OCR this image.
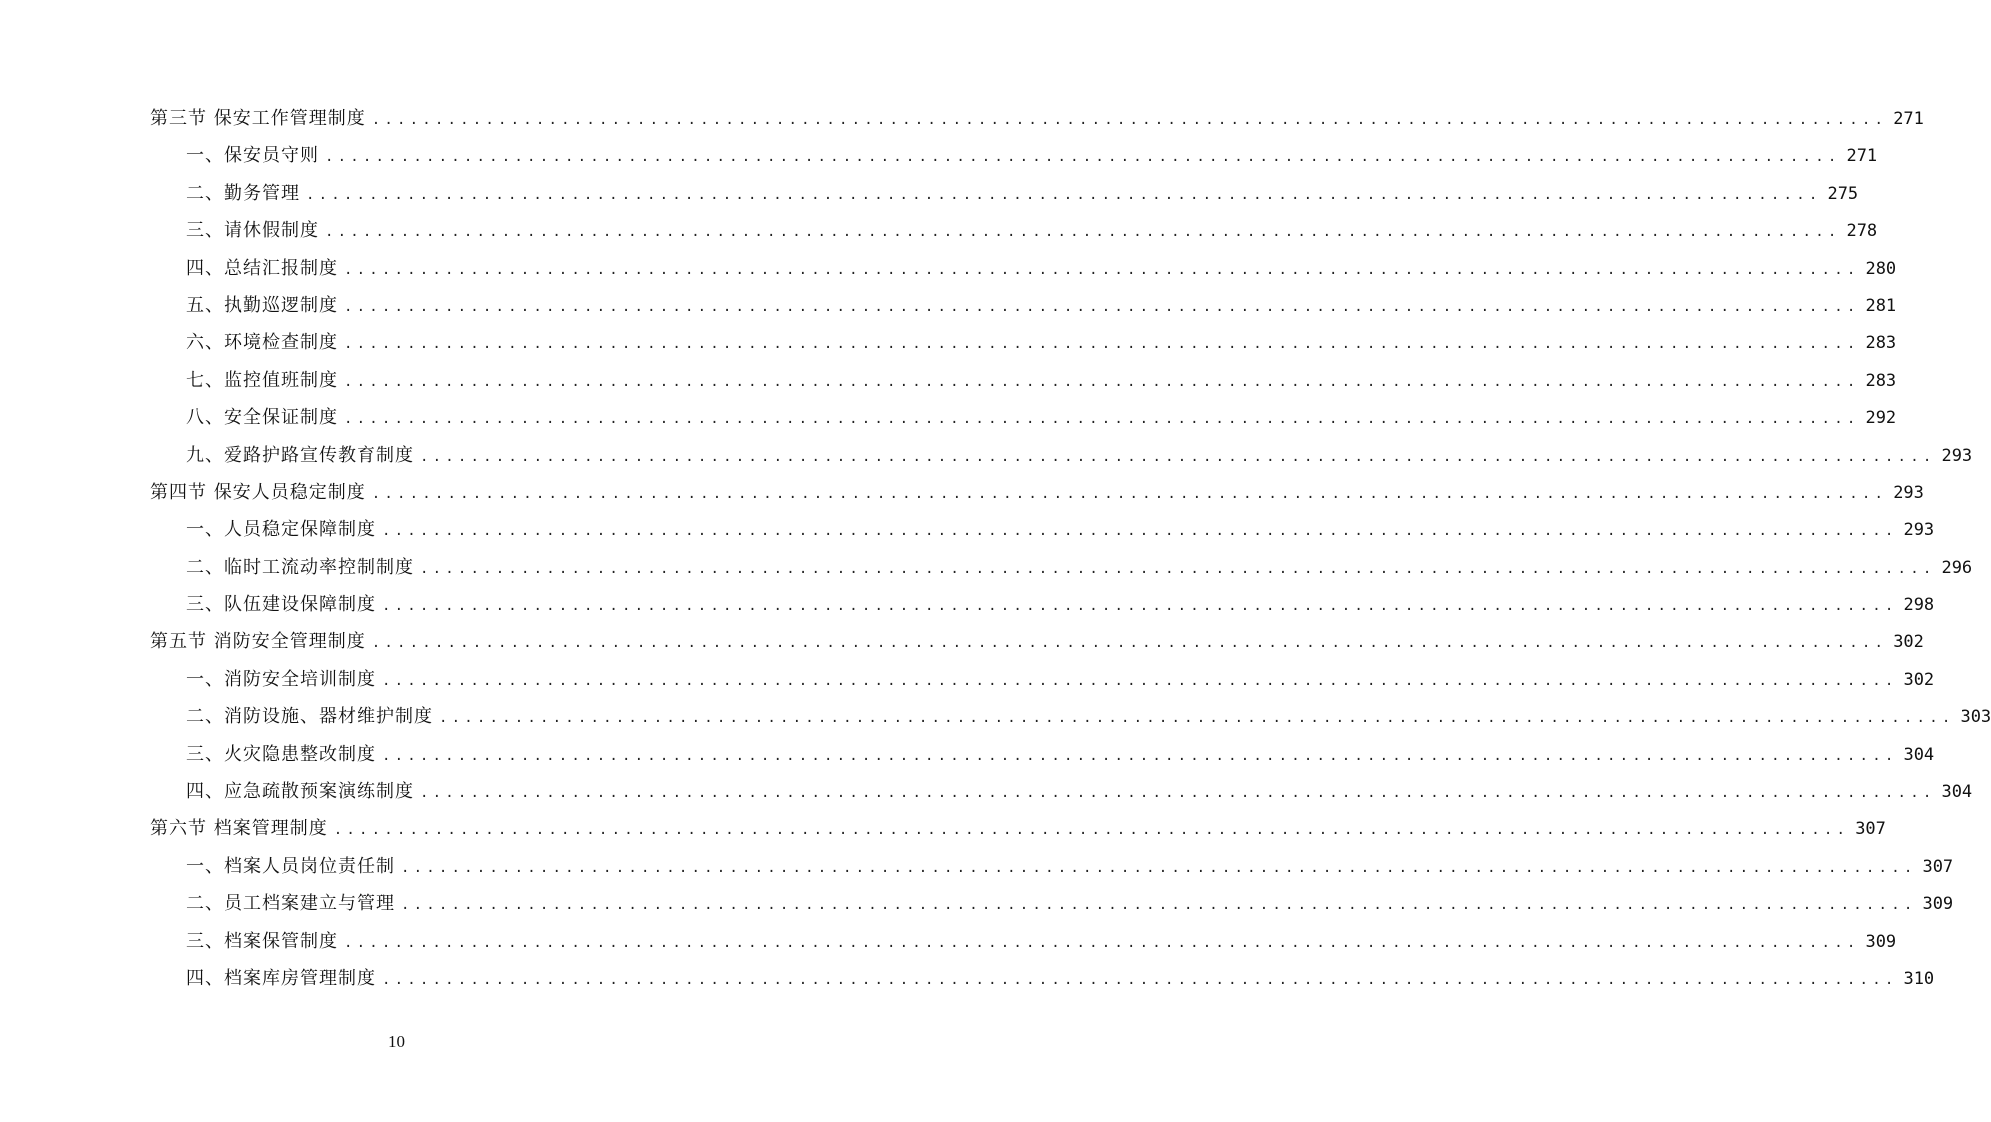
第三节 保安工作管理制度 ........................................................................................................................ 271
一、保安员守则 ........................................................................................................................ 271
二、勤务管理 ........................................................................................................................ 275
三、请休假制度 ........................................................................................................................ 278
四、总结汇报制度 ........................................................................................................................ 280
五、执勤巡逻制度 ........................................................................................................................ 281
六、环境检查制度 ........................................................................................................................ 283
七、监控值班制度 ........................................................................................................................ 283
八、安全保证制度 ........................................................................................................................ 292
九、爱路护路宣传教育制度 ........................................................................................................................ 293
第四节 保安人员稳定制度 ........................................................................................................................ 293
一、人员稳定保障制度 ........................................................................................................................ 293
二、临时工流动率控制制度 ........................................................................................................................ 296
三、队伍建设保障制度 ........................................................................................................................ 298
第五节 消防安全管理制度 ........................................................................................................................ 302
一、消防安全培训制度 ........................................................................................................................ 302
二、消防设施、器材维护制度 ........................................................................................................................ 303
三、火灾隐患整改制度 ........................................................................................................................ 304
四、应急疏散预案演练制度 ........................................................................................................................ 304
第六节 档案管理制度 ........................................................................................................................ 307
一、档案人员岗位责任制 ........................................................................................................................ 307
二、员工档案建立与管理 ........................................................................................................................ 309
三、档案保管制度 ........................................................................................................................ 309
四、档案库房管理制度 ........................................................................................................................ 310
10
